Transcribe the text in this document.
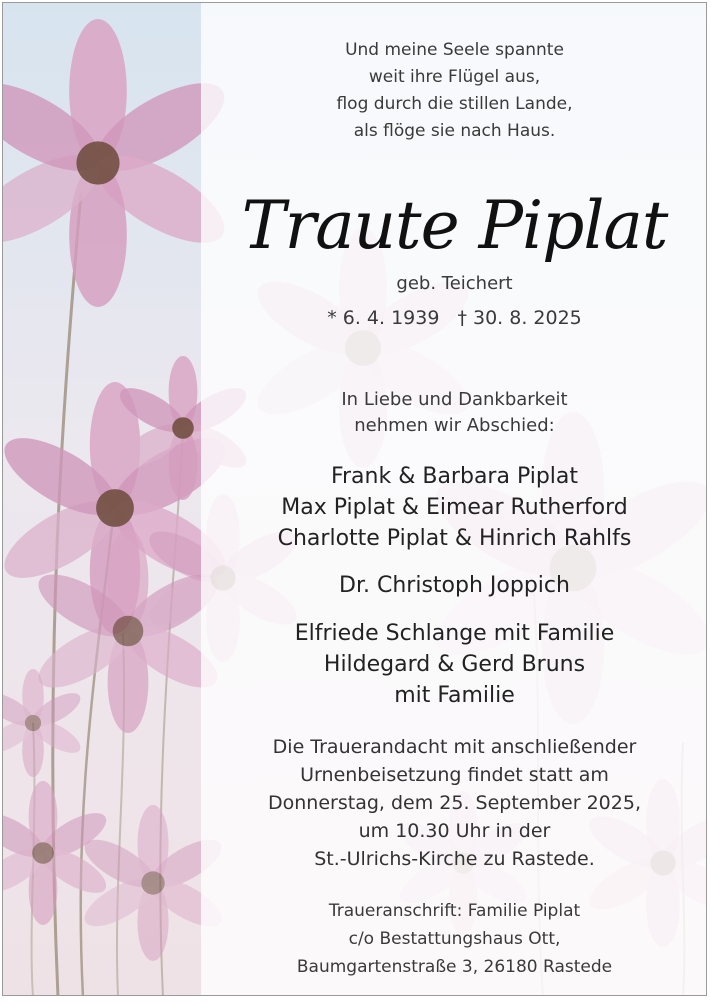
Und meine Seele spannte
weit ihre Flügel aus,
flog durch die stillen Lande,
als flöge sie nach Haus.
Traute Piplat
geb. Teichert
* 6. 4. 1939 † 30. 8. 2025
In Liebe und Dankbarkeit
nehmen wir Abschied:
Frank & Barbara Piplat
Max Piplat & Eimear Rutherford
Charlotte Piplat & Hinrich Rahlfs
Dr. Christoph Joppich
Elfriede Schlange mit Familie
Hildegard & Gerd Bruns
mit Familie
Die Trauerandacht mit anschließender
Urnenbeisetzung findet statt am
Donnerstag, dem 25. September 2025,
um 10.30 Uhr in der
St.-Ulrichs-Kirche zu Rastede.
Traueranschrift: Familie Piplat
c/o Bestattungshaus Ott,
Baumgartenstraße 3, 26180 Rastede
